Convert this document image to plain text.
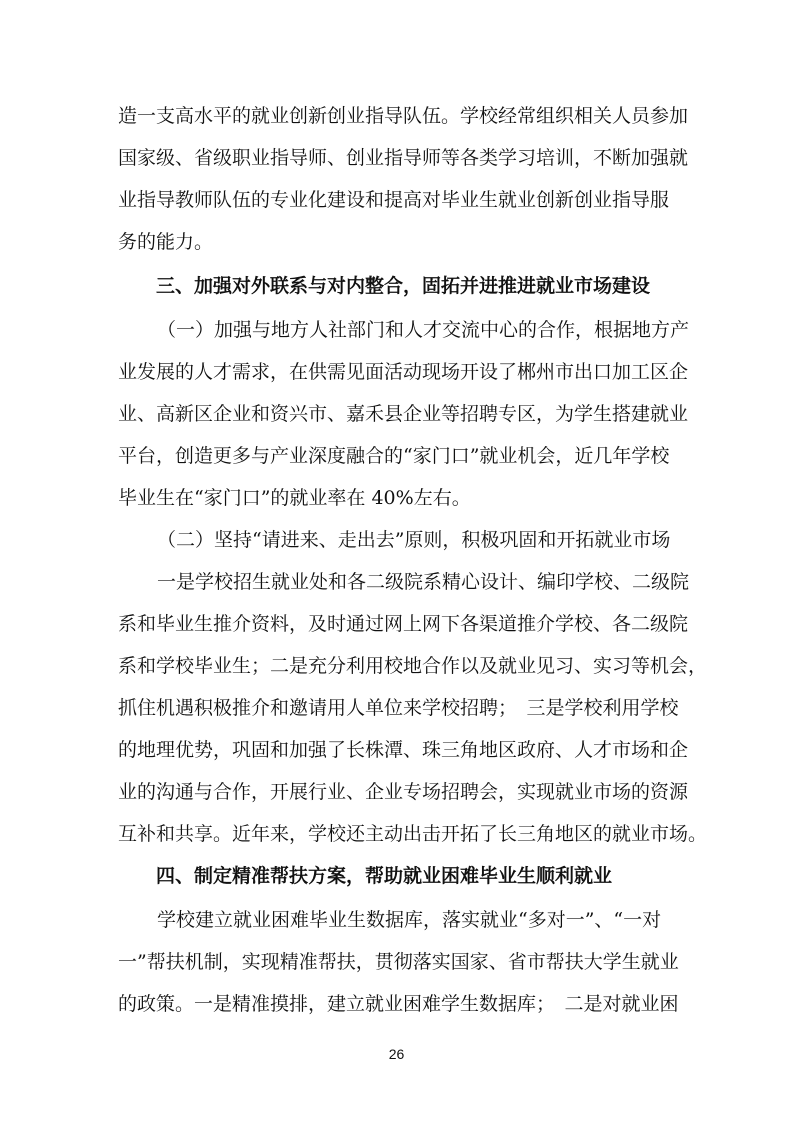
造一支高水平的就业创新创业指导队伍。学校经常组织相关人员参加
国家级、省级职业指导师、创业指导师等各类学习培训，不断加强就
业指导教师队伍的专业化建设和提高对毕业生就业创新创业指导服
务的能力。
三、加强对外联系与对内整合，固拓并进推进就业市场建设
（一）加强与地方人社部门和人才交流中心的合作，根据地方产
业发展的人才需求，在供需见面活动现场开设了郴州市出口加工区企
业、高新区企业和资兴市、嘉禾县企业等招聘专区，为学生搭建就业
平台，创造更多与产业深度融合的“家门口”就业机会，近几年学校
毕业生在“家门口”的就业率在 40%左右。
（二）坚持“请进来、走出去”原则，积极巩固和开拓就业市场
一是学校招生就业处和各二级院系精心设计、编印学校、二级院
系和毕业生推介资料，及时通过网上网下各渠道推介学校、各二级院
系和学校毕业生；二是充分利用校地合作以及就业见习、实习等机会，
抓住机遇积极推介和邀请用人单位来学校招聘；　三是学校利用学校
的地理优势，巩固和加强了长株潭、珠三角地区政府、人才市场和企
业的沟通与合作，开展行业、企业专场招聘会，实现就业市场的资源
互补和共享。近年来，学校还主动出击开拓了长三角地区的就业市场。
四、制定精准帮扶方案，帮助就业困难毕业生顺利就业
学校建立就业困难毕业生数据库，落实就业“多对一”、“一对
一”帮扶机制，实现精准帮扶，贯彻落实国家、省市帮扶大学生就业
的政策。一是精准摸排，建立就业困难学生数据库；　二是对就业困
26
